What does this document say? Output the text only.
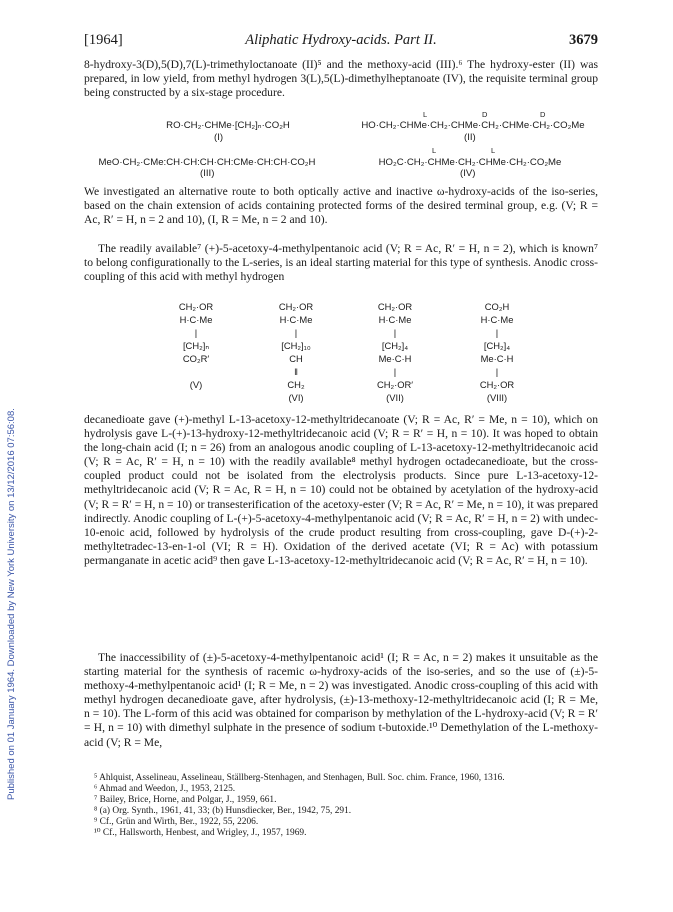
[1964]	Aliphatic Hydroxy-acids. Part II.	3679
Published on 01 January 1964. Downloaded by New York University on 13/12/2016 07:56:08.

8-hydroxy-3(D),5(D),7(L)-trimethyloctanoate (II)⁵ and the methoxy-acid (III).⁶ The hydroxy-ester (II) was prepared, in low yield, from methyl hydrogen 3(L),5(L)-dimethylheptanoate (IV), the requisite terminal group being constructed by a six-stage procedure.

RO·CH₂·CHMe·[CH₂]ₙ·CO₂H
(I)
L	D	D
HO·CH₂·CHMe·CH₂·CHMe·CH₂·CHMe·CH₂·CO₂Me
(II)
MeO·CH₂·CMe:CH·CH:CH·CH:CMe·CH:CH·CO₂H
(III)
L	L
HO₂C·CH₂·CHMe·CH₂·CHMe·CH₂·CO₂Me
(IV)

We investigated an alternative route to both optically active and inactive ω-hydroxy-acids of the iso-series, based on the chain extension of acids containing protected forms of the desired terminal group, e.g. (V; R = Ac, R′ = H, n = 2 and 10), (I, R = Me, n = 2 and 10).

The readily available⁷ (+)-5-acetoxy-4-methylpentanoic acid (V; R = Ac, R′ = H, n = 2), which is known⁷ to belong configurationally to the L-series, is an ideal starting material for this type of synthesis. Anodic cross-coupling of this acid with methyl hydrogen

CH₂·OR
H·C·Me
|
[CH₂]ₙ
CO₂R′

(V)
CH₂·OR
H·C·Me
|
[CH₂]₁₀
CH
‖
CH₂
(VI)
CH₂·OR
H·C·Me
|
[CH₂]₄
Me·C·H
|
CH₂·OR′
(VII)
CO₂H
H·C·Me
|
[CH₂]₄
Me·C·H
|
CH₂·OR
(VIII)

decanedioate gave (+)-methyl L-13-acetoxy-12-methyltridecanoate (V; R = Ac, R′ = Me, n = 10), which on hydrolysis gave L-(+)-13-hydroxy-12-methyltridecanoic acid (V; R = R′ = H, n = 10). It was hoped to obtain the long-chain acid (I; n = 26) from an analogous anodic coupling of L-13-acetoxy-12-methyltridecanoic acid (V; R = Ac, R′ = H, n = 10) with the readily available⁸ methyl hydrogen octadecanedioate, but the cross-coupled product could not be isolated from the electrolysis products. Since pure L-13-acetoxy-12-methyltridecanoic acid (V; R = Ac, R = H, n = 10) could not be obtained by acetylation of the hydroxy-acid (V; R = R′ = H, n = 10) or transesterification of the acetoxy-ester (V; R = Ac, R′ = Me, n = 10), it was prepared indirectly. Anodic coupling of L-(+)-5-acetoxy-4-methylpentanoic acid (V; R = Ac, R′ = H, n = 2) with undec-10-enoic acid, followed by hydrolysis of the crude product resulting from cross-coupling, gave D-(+)-2-methyltetradec-13-en-1-ol (VI; R = H). Oxidation of the derived acetate (VI; R = Ac) with potassium permanganate in acetic acid⁹ then gave L-13-acetoxy-12-methyltridecanoic acid (V; R = Ac, R′ = H, n = 10).

The inaccessibility of (±)-5-acetoxy-4-methylpentanoic acid¹ (I; R = Ac, n = 2) makes it unsuitable as the starting material for the synthesis of racemic ω-hydroxy-acids of the iso-series, and so the use of (±)-5-methoxy-4-methylpentanoic acid¹ (I; R = Me, n = 2) was investigated. Anodic cross-coupling of this acid with methyl hydrogen decanedioate gave, after hydrolysis, (±)-13-methoxy-12-methyltridecanoic acid (I; R = Me, n = 10). The L-form of this acid was obtained for comparison by methylation of the L-hydroxy-acid (V; R = R′ = H, n = 10) with dimethyl sulphate in the presence of sodium t-butoxide.¹⁰ Demethylation of the L-methoxy-acid (V; R = Me,

⁵ Ahlquist, Asselineau, Asselineau, Ställberg-Stenhagen, and Stenhagen, Bull. Soc. chim. France, 1960, 1316.

⁶ Ahmad and Weedon, J., 1953, 2125.

⁷ Bailey, Brice, Horne, and Polgar, J., 1959, 661.

⁸ (a) Org. Synth., 1961, 41, 33; (b) Hunsdiecker, Ber., 1942, 75, 291.

⁹ Cf., Grün and Wirth, Ber., 1922, 55, 2206.

¹⁰ Cf., Hallsworth, Henbest, and Wrigley, J., 1957, 1969.
